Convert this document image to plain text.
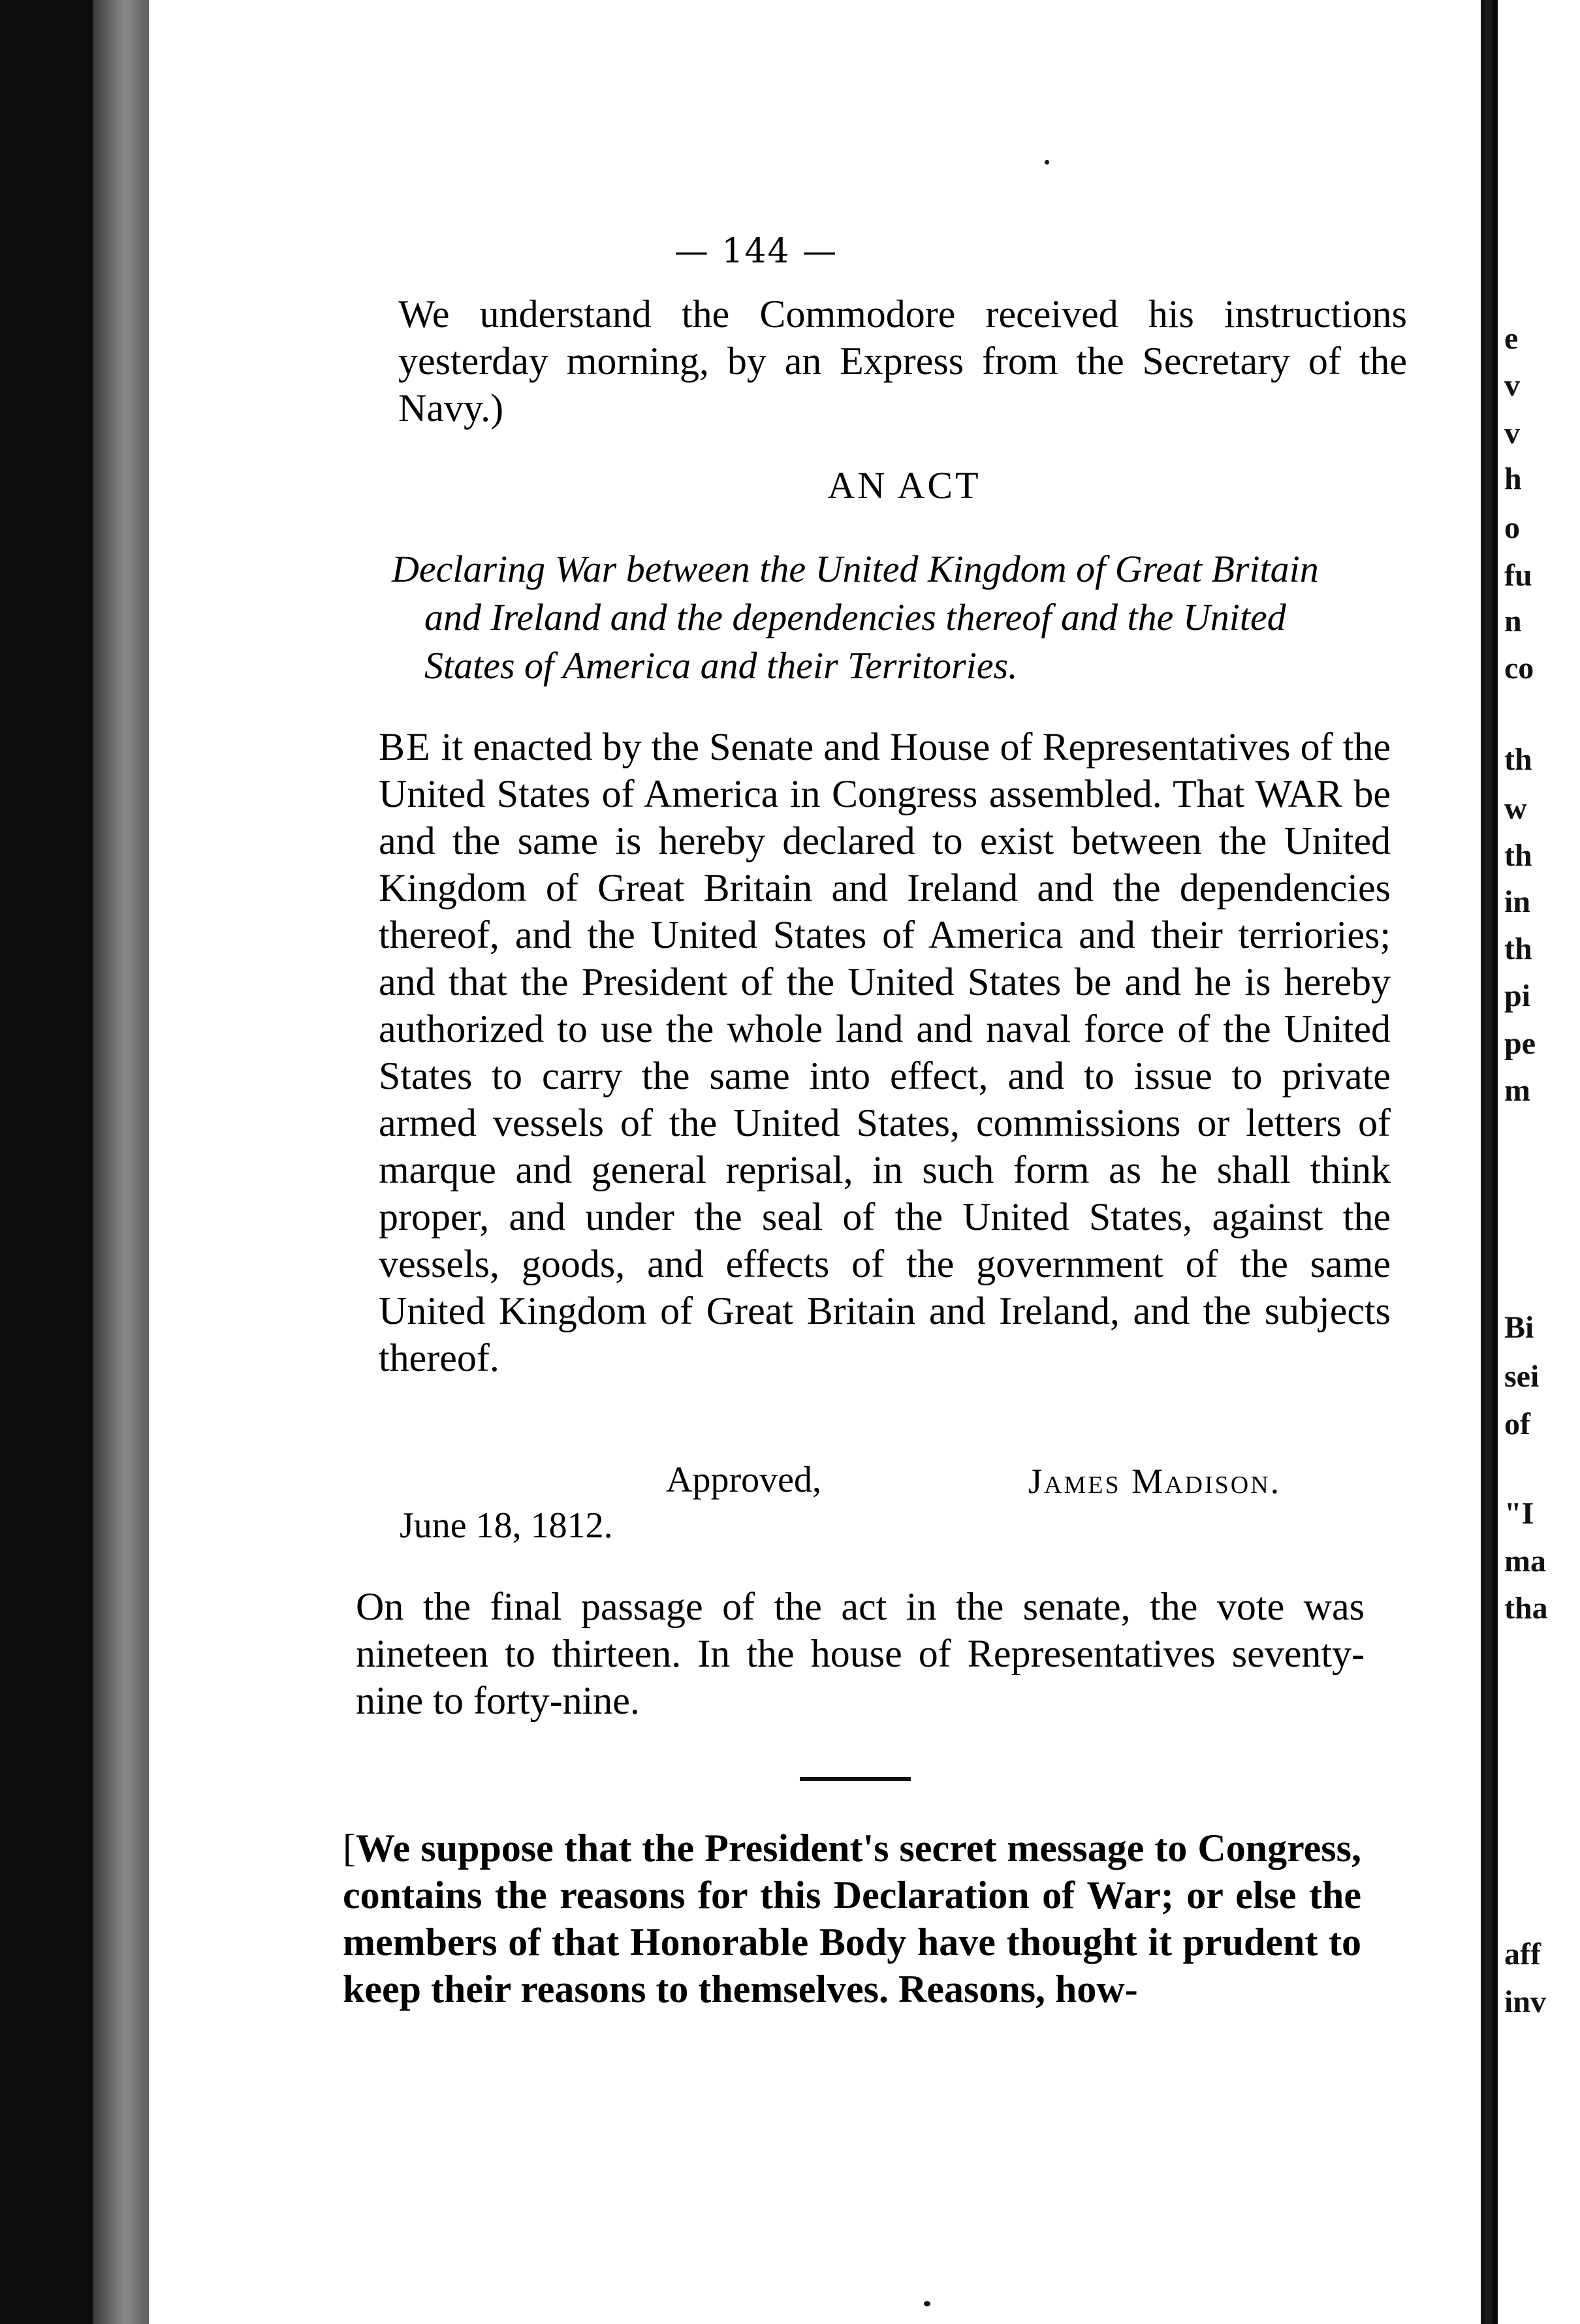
e
v
v
h
o
fu
n
co
th
w
th
in
th
pi
pe
m
Bi
sei
of
"I
ma
tha
aff
inv
— 144 —

We understand the Commodore received his instructions yesterday morning, by an Express from the Secretary of the Navy.)

AN ACT

Declaring War between the United Kingdom of Great Britain
and Ireland and the dependencies thereof and the United
States of America and their Territories.

BE it enacted by the Senate and House of Representatives of the United States of America in Congress assembled. That WAR be and the same is hereby declared to exist between the United Kingdom of Great Britain and Ireland and the dependencies thereof, and the United States of America and their terriories; and that the President of the United States be and he is hereby authorized to use the whole land and naval force of the United States to carry the same into effect, and to issue to private armed vessels of the United States, commissions or letters of marque and general reprisal, in such form as he shall think proper, and under the seal of the United States, against the vessels, goods, and effects of the government of the same United Kingdom of Great Britain and Ireland, and the subjects thereof.

Approved,	James Madison.
June 18, 1812.

On the final passage of the act in the senate, the vote was nineteen to thirteen. In the house of Representatives seventy-nine to forty-nine.

[We suppose that the President's secret message to Congress, contains the reasons for this Declaration of War; or else the members of that Honorable Body have thought it prudent to keep their reasons to themselves. Reasons, how-
